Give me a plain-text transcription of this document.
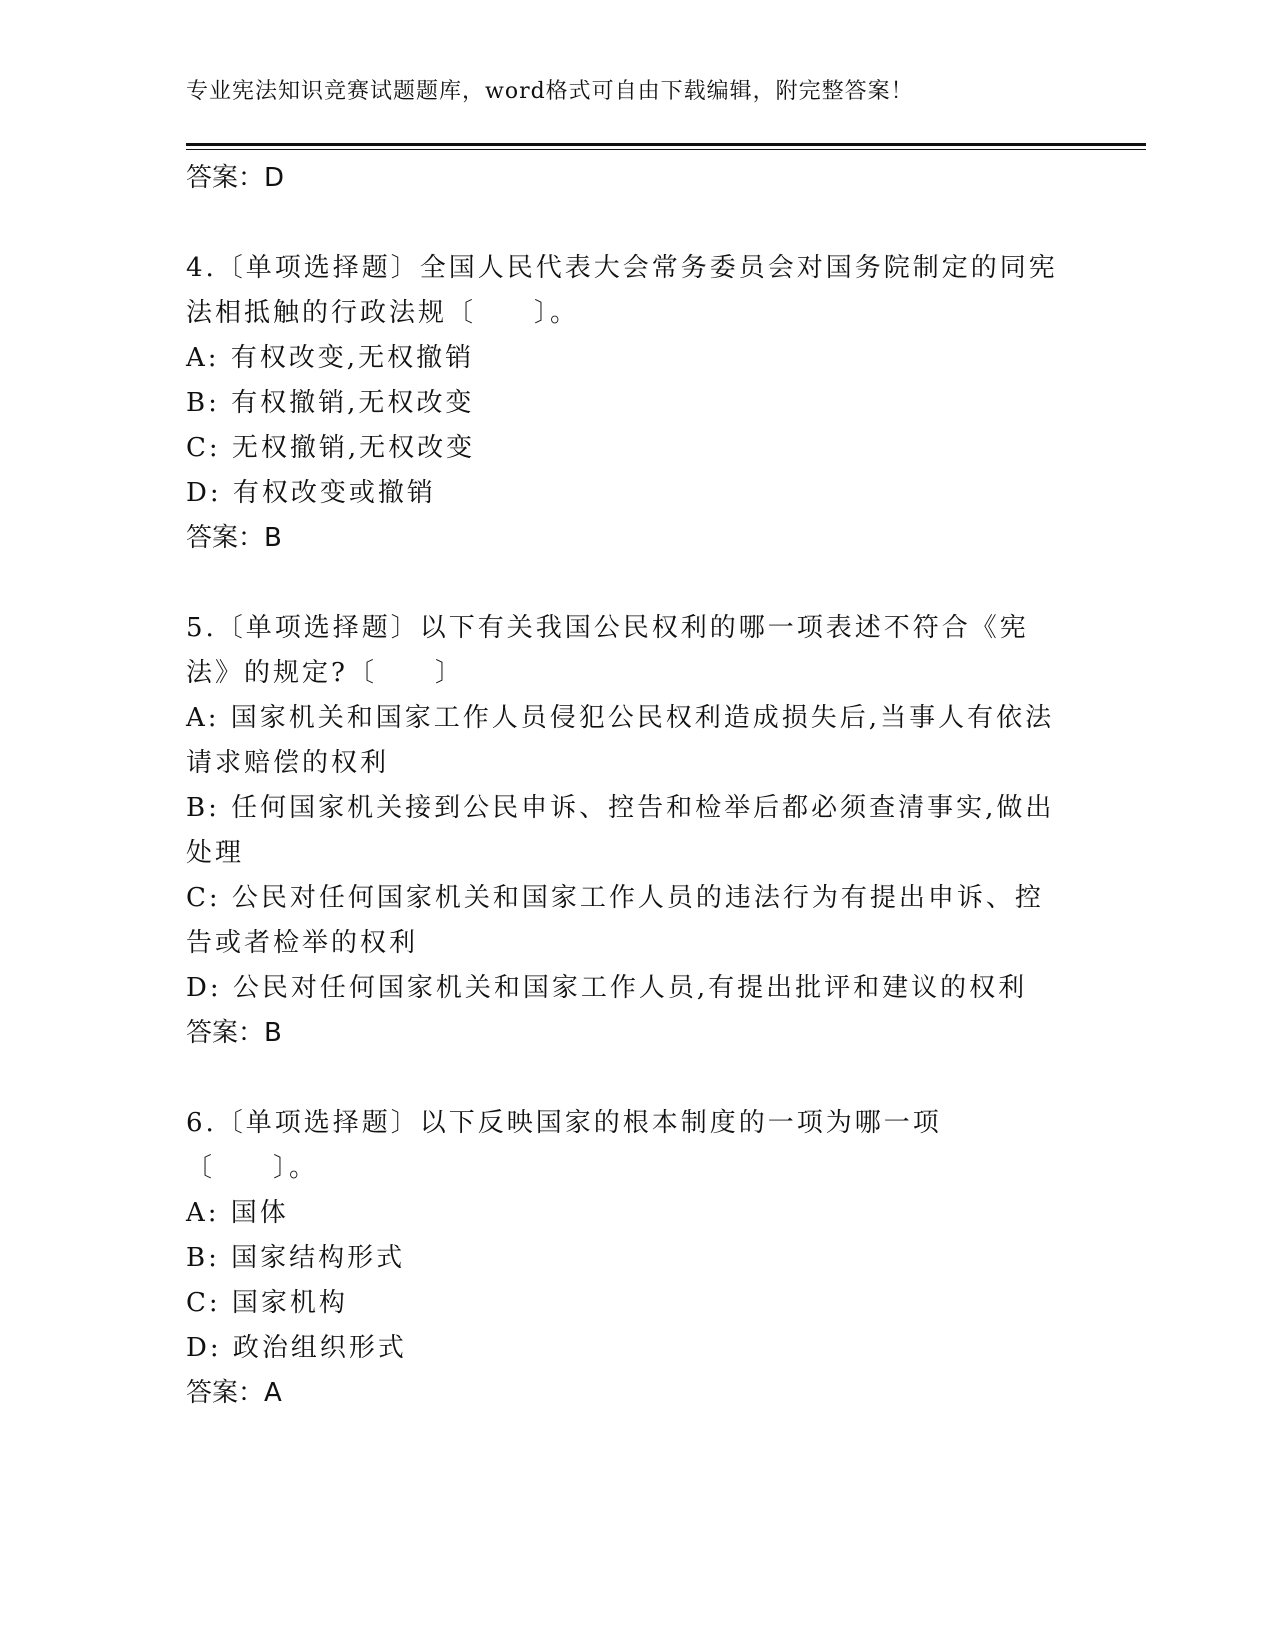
专业宪法知识竞赛试题题库，word格式可自由下载编辑，附完整答案！
答案：D

4.〔单项选择题〕全国人民代表大会常务委员会对国务院制定的同宪法相抵触的行政法规〔　　〕。

A: 有权改变,无权撤销

B: 有权撤销,无权改变

C: 无权撤销,无权改变

D: 有权改变或撤销

答案：B

5.〔单项选择题〕以下有关我国公民权利的哪一项表述不符合《宪法》的规定?〔　　〕

A: 国家机关和国家工作人员侵犯公民权利造成损失后,当事人有依法请求赔偿的权利

B: 任何国家机关接到公民申诉、控告和检举后都必须查清事实,做出处理

C: 公民对任何国家机关和国家工作人员的违法行为有提出申诉、控告或者检举的权利

D: 公民对任何国家机关和国家工作人员,有提出批评和建议的权利

答案：B

6.〔单项选择题〕以下反映国家的根本制度的一项为哪一项〔　　〕。

A: 国体

B: 国家结构形式

C: 国家机构

D: 政治组织形式

答案：A
